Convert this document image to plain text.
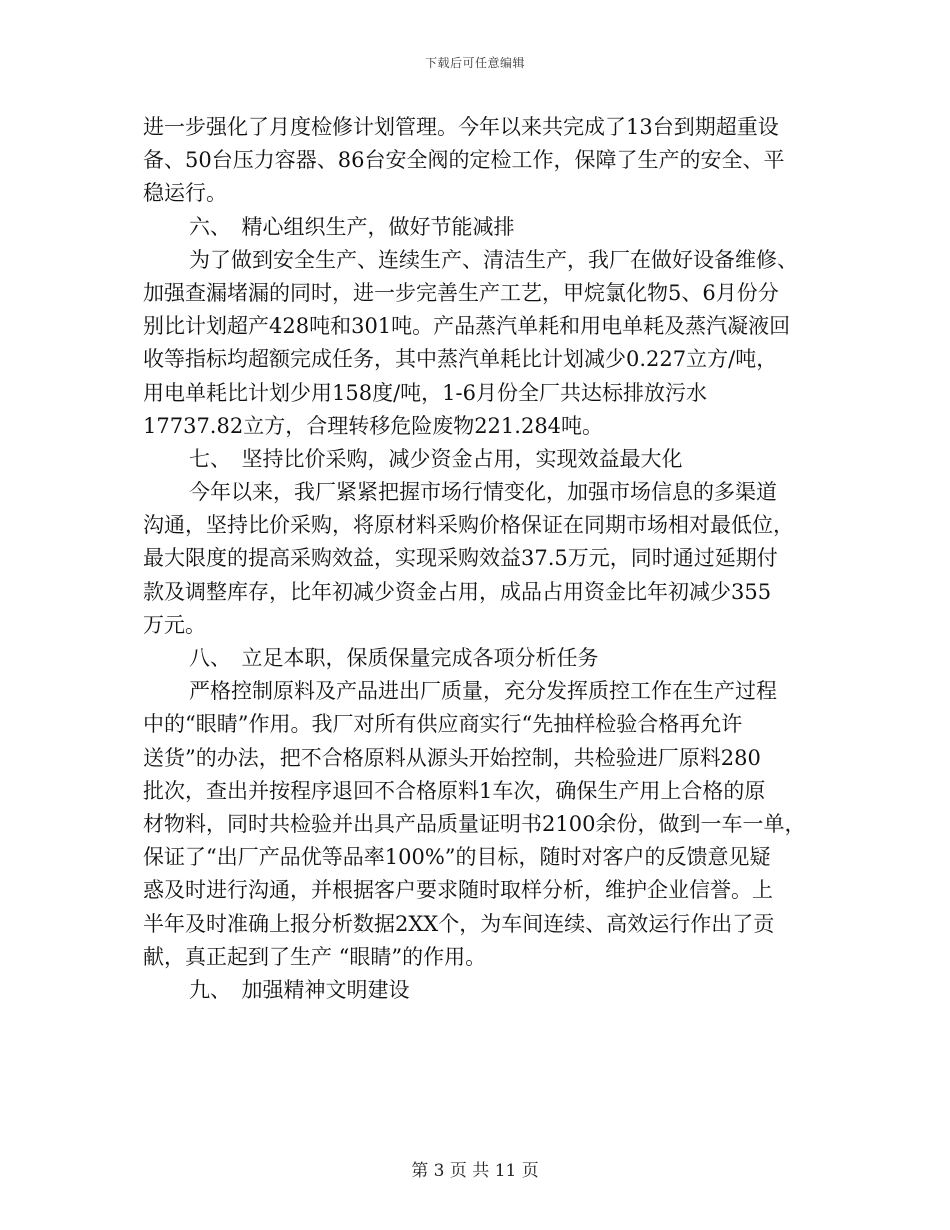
下载后可任意编辑
进一步强化了月度检修计划管理。今年以来共完成了13台到期超重设
备、50台压力容器、86台安全阀的定检工作，保障了生产的安全、平
稳运行。
六、　精心组织生产，做好节能减排
为了做到安全生产、连续生产、清洁生产，我厂在做好设备维修、
加强查漏堵漏的同时，进一步完善生产工艺，甲烷氯化物5、6月份分
别比计划超产428吨和301吨。产品蒸汽单耗和用电单耗及蒸汽凝液回
收等指标均超额完成任务，其中蒸汽单耗比计划减少0.227立方/吨，
用电单耗比计划少用158度/吨，1-6月份全厂共达标排放污水
17737.82立方，合理转移危险废物221.284吨。
七、　坚持比价采购，减少资金占用，实现效益最大化
今年以来，我厂紧紧把握市场行情变化，加强市场信息的多渠道
沟通，坚持比价采购，将原材料采购价格保证在同期市场相对最低位，
最大限度的提高采购效益，实现采购效益37.5万元，同时通过延期付
款及调整库存，比年初减少资金占用，成品占用资金比年初减少355
万元。
八、　立足本职，保质保量完成各项分析任务
严格控制原料及产品进出厂质量，充分发挥质控工作在生产过程
中的“眼睛”作用。我厂对所有供应商实行“先抽样检验合格再允许
送货”的办法，把不合格原料从源头开始控制，共检验进厂原料280
批次，查出并按程序退回不合格原料1车次，确保生产用上合格的原
材物料，同时共检验并出具产品质量证明书2100余份，做到一车一单，
保证了“出厂产品优等品率100%”的目标，随时对客户的反馈意见疑
惑及时进行沟通，并根据客户要求随时取样分析，维护企业信誉。上
半年及时准确上报分析数据2XX个，为车间连续、高效运行作出了贡
献，真正起到了生产 “眼睛”的作用。
九、　加强精神文明建设
第 3 页 共 11 页
